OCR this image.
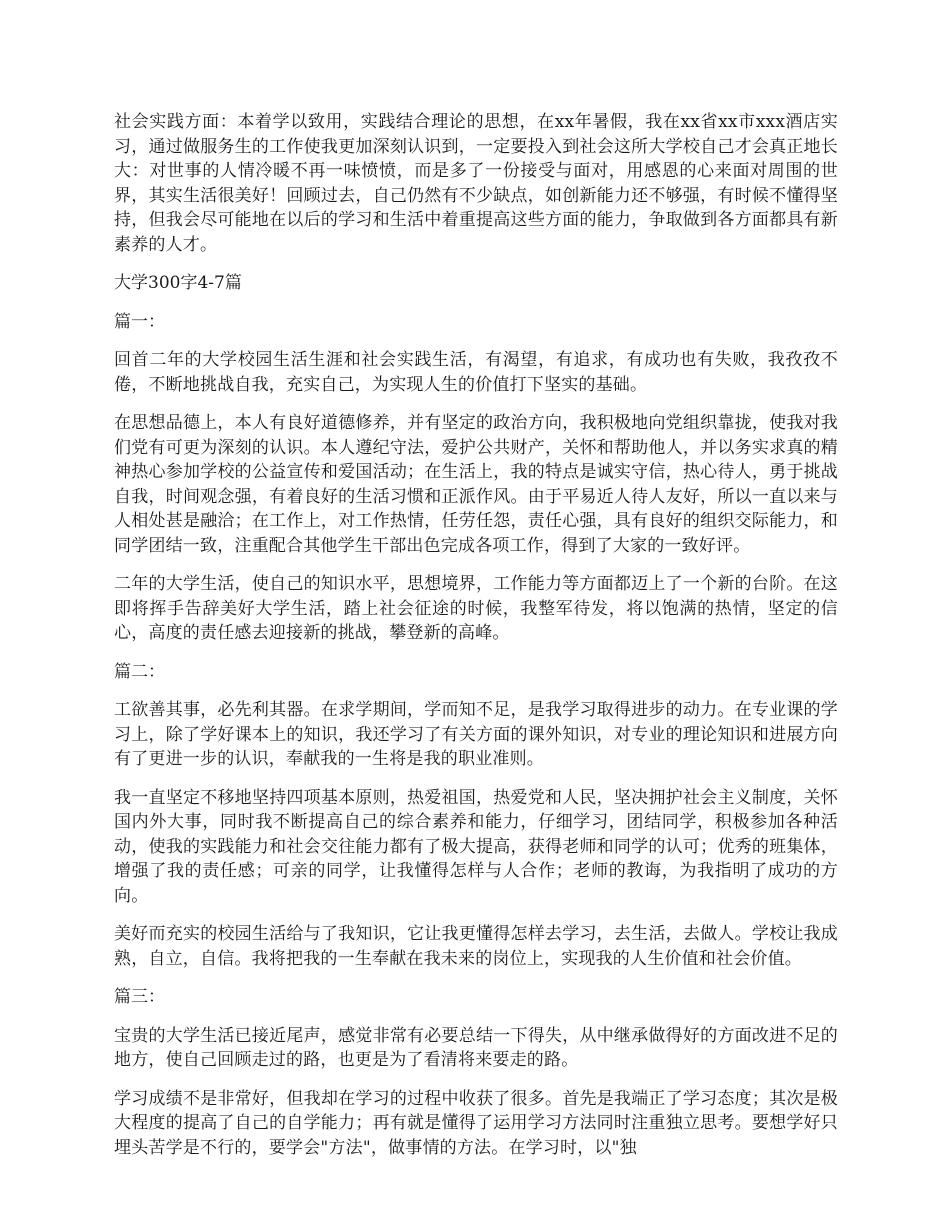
社会实践方面：本着学以致用，实践结合理论的思想，在xx年暑假，我在xx省xx市xxx酒店实习，通过做服务生的工作使我更加深刻认识到，一定要投入到社会这所大学校自己才会真正地长大：对世事的人情冷暖不再一味愤愤，而是多了一份接受与面对，用感恩的心来面对周围的世界，其实生活很美好！回顾过去，自己仍然有不少缺点，如创新能力还不够强，有时候不懂得坚持，但我会尽可能地在以后的学习和生活中着重提高这些方面的能力，争取做到各方面都具有新素养的人才。

大学300字4-7篇

篇一：

回首二年的大学校园生活生涯和社会实践生活，有渴望，有追求，有成功也有失败，我孜孜不倦，不断地挑战自我，充实自己，为实现人生的价值打下坚实的基础。

在思想品德上，本人有良好道德修养，并有坚定的政治方向，我积极地向党组织靠拢，使我对我们党有可更为深刻的认识。本人遵纪守法，爱护公共财产，关怀和帮助他人，并以务实求真的精神热心参加学校的公益宣传和爱国活动；在生活上，我的特点是诚实守信，热心待人，勇于挑战自我，时间观念强，有着良好的生活习惯和正派作风。由于平易近人待人友好，所以一直以来与人相处甚是融洽；在工作上，对工作热情，任劳任怨，责任心强，具有良好的组织交际能力，和同学团结一致，注重配合其他学生干部出色完成各项工作，得到了大家的一致好评。

二年的大学生活，使自己的知识水平，思想境界，工作能力等方面都迈上了一个新的台阶。在这即将挥手告辞美好大学生活，踏上社会征途的时候，我整军待发，将以饱满的热情，坚定的信心，高度的责任感去迎接新的挑战，攀登新的高峰。

篇二：

工欲善其事，必先利其器。在求学期间，学而知不足，是我学习取得进步的动力。在专业课的学习上，除了学好课本上的知识，我还学习了有关方面的课外知识，对专业的理论知识和进展方向有了更进一步的认识，奉献我的一生将是我的职业准则。

我一直坚定不移地坚持四项基本原则，热爱祖国，热爱党和人民，坚决拥护社会主义制度，关怀国内外大事，同时我不断提高自己的综合素养和能力，仔细学习，团结同学，积极参加各种活动，使我的实践能力和社会交往能力都有了极大提高，获得老师和同学的认可；优秀的班集体，增强了我的责任感；可亲的同学，让我懂得怎样与人合作；老师的教诲，为我指明了成功的方向。

美好而充实的校园生活给与了我知识，它让我更懂得怎样去学习，去生活，去做人。学校让我成熟，自立，自信。我将把我的一生奉献在我未来的岗位上，实现我的人生价值和社会价值。

篇三：

宝贵的大学生活已接近尾声，感觉非常有必要总结一下得失，从中继承做得好的方面改进不足的地方，使自己回顾走过的路，也更是为了看清将来要走的路。

学习成绩不是非常好，但我却在学习的过程中收获了很多。首先是我端正了学习态度；其次是极大程度的提高了自己的自学能力；再有就是懂得了运用学习方法同时注重独立思考。要想学好只埋头苦学是不行的，要学会"方法"，做事情的方法。在学习时，以"独
